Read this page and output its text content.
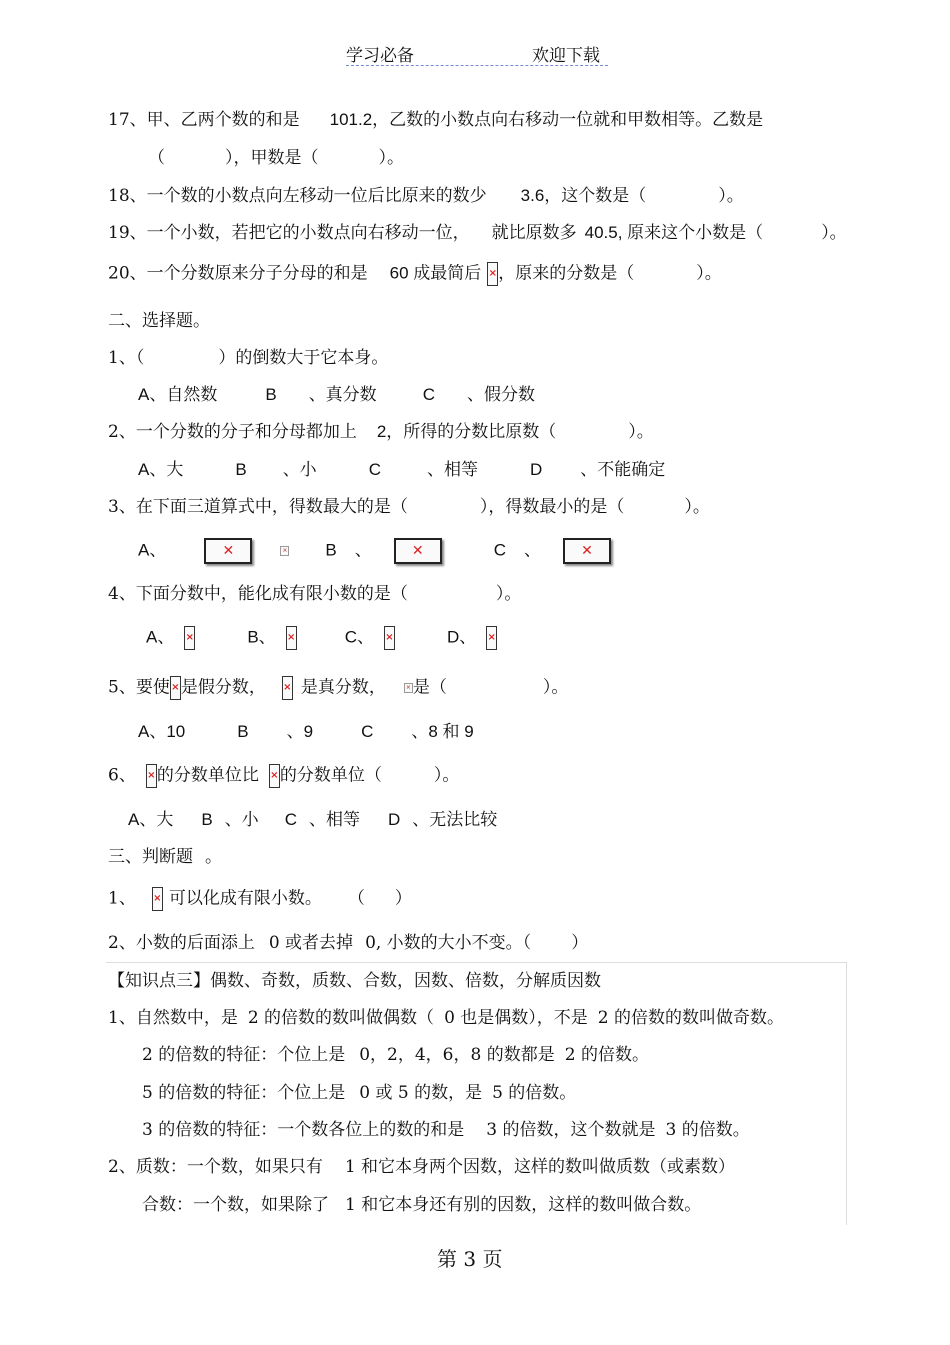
学习必备	欢迎下载
17、甲、乙两个数的和是 101.2，乙数的小数点向右移动一位就和甲数相等。乙数是
（	），甲数是（	）。
18、一个数的小数点向左移动一位后比原来的数少 3.6，这个数是（	）。
19、一个小数，若把它的小数点向右移动一位， 就比原数多 40.5, 原来这个小数是（	）。
20、一个分数原来分子分母的和是 60 成最简后 × ，原来的分数是（	）。
二、选择题。
1、（	）的倒数大于它本身。
A、自然数	B 、真分数	C 、假分数
2、一个分数的分子和分母都加上 2，所得的分数比原数（	）。
A、大	B 、小	C	、相等	D 、不能确定
3、在下面三道算式中，得数最大的是（	），得数最小的是（	）。
A、	✕	× B 、	✕	C 、	✕
4、下面分数中，能化成有限小数的是（	）。
A、 ×	B、 ×	C、 ×	D、 ×
5、要使 × 是假分数， × 是真分数，	× 是（	）。
A、10	B 、9	C 、8 和 9
6、 × 的分数单位比 × 的分数单位（	）。
A、大 B 、小 C 、相等 D 、无法比较
三、判断题 。
1、 × 可以化成有限小数。 （ ）
2、小数的后面添上 0 或者去掉 0, 小数的大小不变。（ ）
【知识点三】偶数、奇数，质数、合数，因数、倍数，分解质因数
1、自然数中，是 2 的倍数的数叫做偶数（ 0 也是偶数），不是 2 的倍数的数叫做奇数。
2 的倍数的特征：个位上是 0，2，4，6，8 的数都是 2 的倍数。
5 的倍数的特征：个位上是 0 或 5 的数，是 5 的倍数。
3 的倍数的特征：一个数各位上的数的和是 3 的倍数，这个数就是 3 的倍数。
2、质数：一个数，如果只有 1 和它本身两个因数，这样的数叫做质数（或素数）
合数：一个数，如果除了 1 和它本身还有别的因数，这样的数叫做合数。
第 3 页
